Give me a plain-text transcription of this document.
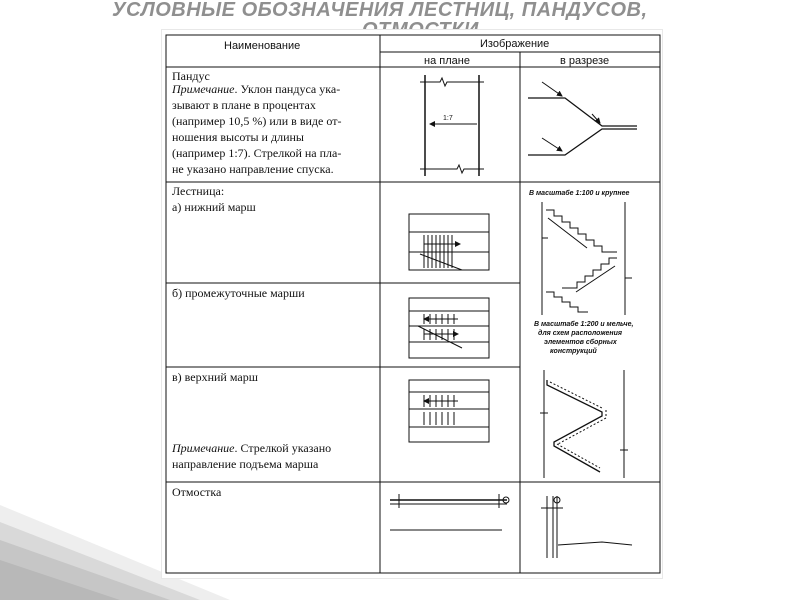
УСЛОВНЫЕ ОБОЗНАЧЕНИЯ ЛЕСТНИЦ, ПАНДУСОВ,
Наименование	Изображение
на плане	в разрезе
Пандус
Примечание. Уклон пандуса ука- зывают в плане в процентах (например 10,5 %) или в виде от- ношения высоты и длины (например 1:7). Стрелкой на пла- не указано направление спуска.
Лестница:
а) нижний марш
б) промежуточные марши
в) верхний марш
Примечание. Стрелкой указано направление подъема марша
Отмостка
1:7
В масштабе 1:100 и крупнее
В масштабе 1:200 и мельче, для схем расположения элементов сборных конструкций
